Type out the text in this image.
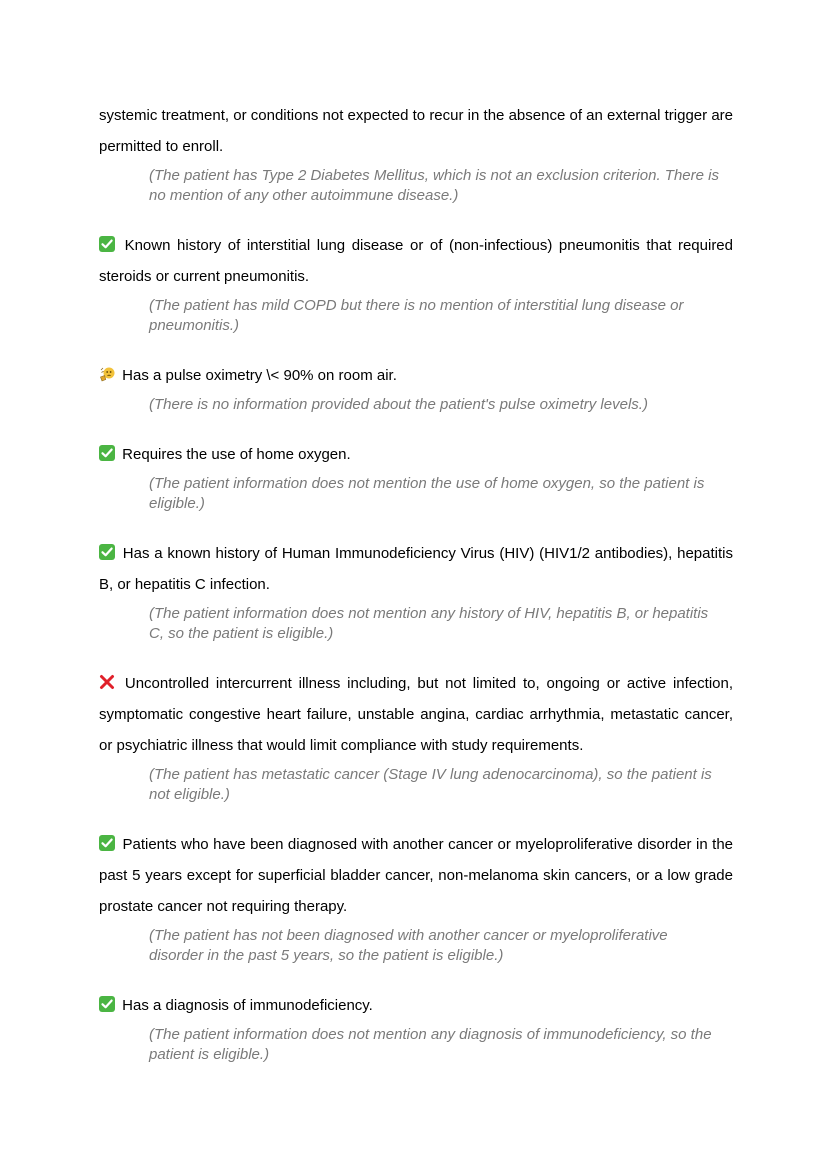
systemic treatment, or conditions not expected to recur in the absence of an external trigger are permitted to enroll.

(The patient has Type 2 Diabetes Mellitus, which is not an exclusion criterion. There is no mention of any other autoimmune disease.)

Known history of interstitial lung disease or of (non-infectious) pneumonitis that required steroids or current pneumonitis.

(The patient has mild COPD but there is no mention of interstitial lung disease or pneumonitis.)

Has a pulse oximetry \< 90% on room air.

(There is no information provided about the patient's pulse oximetry levels.)

Requires the use of home oxygen.

(The patient information does not mention the use of home oxygen, so the patient is eligible.)

Has a known history of Human Immunodeficiency Virus (HIV) (HIV1/2 antibodies), hepatitis B, or hepatitis C infection.

(The patient information does not mention any history of HIV, hepatitis B, or hepatitis C, so the patient is eligible.)

Uncontrolled intercurrent illness including, but not limited to, ongoing or active infection, symptomatic congestive heart failure, unstable angina, cardiac arrhythmia, metastatic cancer, or psychiatric illness that would limit compliance with study requirements.

(The patient has metastatic cancer (Stage IV lung adenocarcinoma), so the patient is not eligible.)

Patients who have been diagnosed with another cancer or myeloproliferative disorder in the past 5 years except for superficial bladder cancer, non-melanoma skin cancers, or a low grade prostate cancer not requiring therapy.

(The patient has not been diagnosed with another cancer or myeloproliferative disorder in the past 5 years, so the patient is eligible.)

Has a diagnosis of immunodeficiency.

(The patient information does not mention any diagnosis of immunodeficiency, so the patient is eligible.)
